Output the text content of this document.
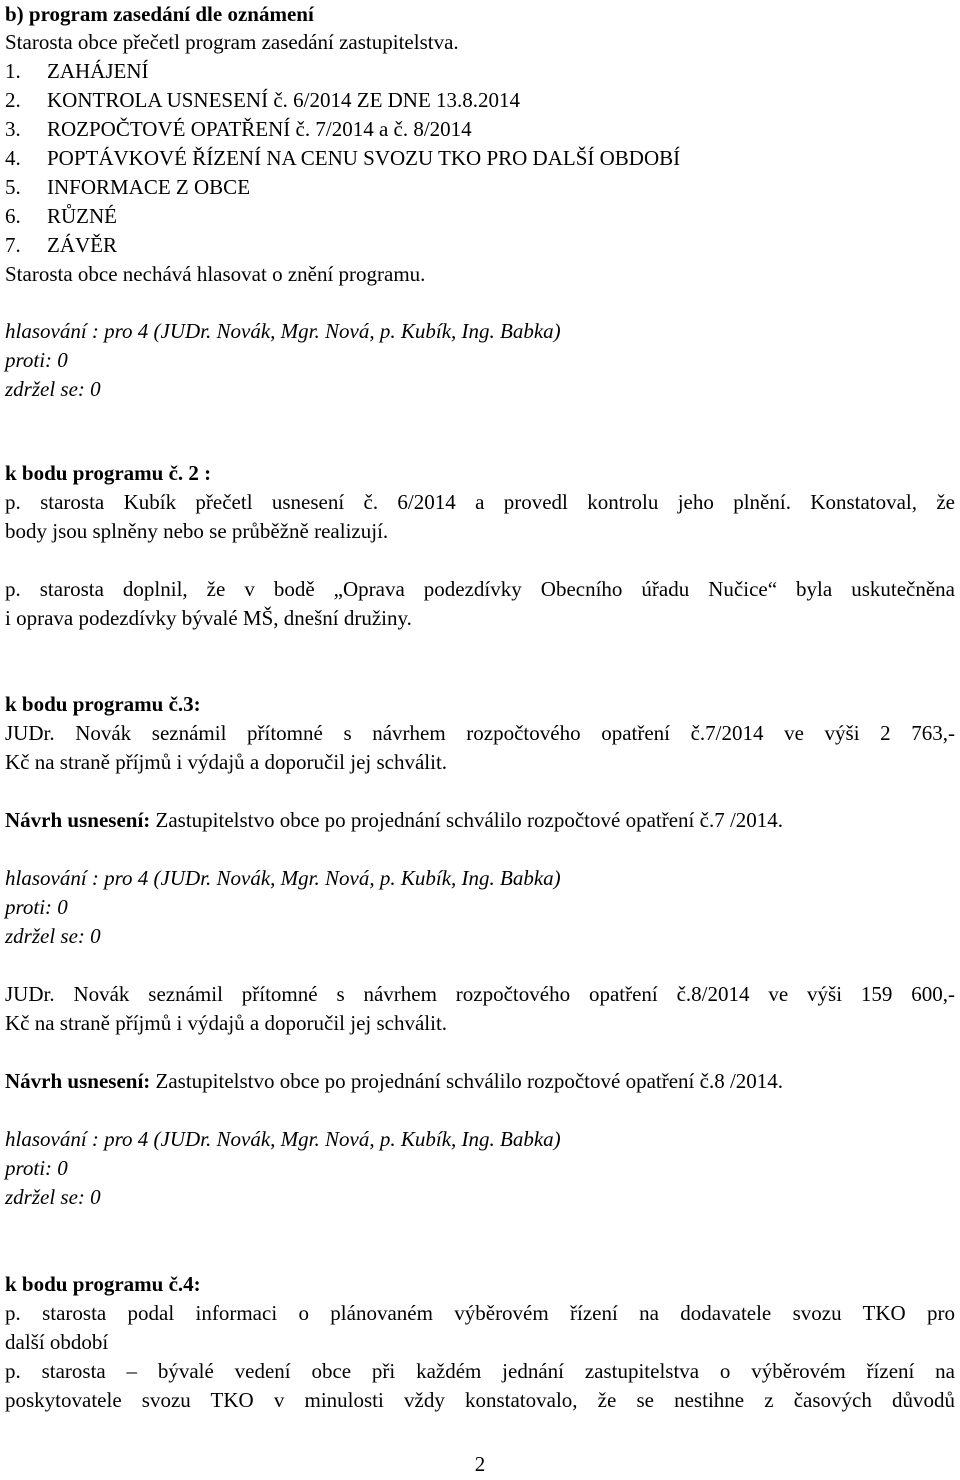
b) program zasedání dle oznámení
Starosta obce přečetl program zasedání zastupitelstva.
1. ZAHÁJENÍ
2. KONTROLA USNESENÍ č. 6/2014 ZE DNE 13.8.2014
3. ROZPOČTOVÉ OPATŘENÍ č. 7/2014 a č. 8/2014
4. POPTÁVKOVÉ ŘÍZENÍ NA CENU SVOZU TKO PRO DALŠÍ OBDOBÍ
5. INFORMACE Z OBCE
6. RŮZNÉ
7. ZÁVĚR
Starosta obce nechává hlasovat o znění programu.
hlasování : pro 4 (JUDr. Novák, Mgr. Nová, p. Kubík, Ing. Babka)
proti: 0
zdržel se: 0
k bodu programu č. 2 :
p. starosta Kubík přečetl usnesení č. 6/2014 a provedl kontrolu jeho plnění. Konstatoval, že
body jsou splněny nebo se průběžně realizují.
p. starosta doplnil, že v bodě „Oprava podezdívky Obecního úřadu Nučice“ byla uskutečněna
i oprava podezdívky bývalé MŠ, dnešní družiny.
k bodu programu č.3:
JUDr. Novák seznámil přítomné s návrhem rozpočtového opatření č.7/2014 ve výši 2 763,-
Kč na straně příjmů i výdajů a doporučil jej schválit.
Návrh usnesení: Zastupitelstvo obce po projednání schválilo rozpočtové opatření č.7 /2014.
hlasování : pro 4 (JUDr. Novák, Mgr. Nová, p. Kubík, Ing. Babka)
proti: 0
zdržel se: 0
JUDr. Novák seznámil přítomné s návrhem rozpočtového opatření č.8/2014 ve výši 159 600,-
Kč na straně příjmů i výdajů a doporučil jej schválit.
Návrh usnesení: Zastupitelstvo obce po projednání schválilo rozpočtové opatření č.8 /2014.
hlasování : pro 4 (JUDr. Novák, Mgr. Nová, p. Kubík, Ing. Babka)
proti: 0
zdržel se: 0
k bodu programu č.4:
p. starosta podal informaci o plánovaném výběrovém řízení na dodavatele svozu TKO pro
další období
p. starosta – bývalé vedení obce při každém jednání zastupitelstva o výběrovém řízení na
poskytovatele svozu TKO v minulosti vždy konstatovalo, že se nestihne z časových důvodů
2
